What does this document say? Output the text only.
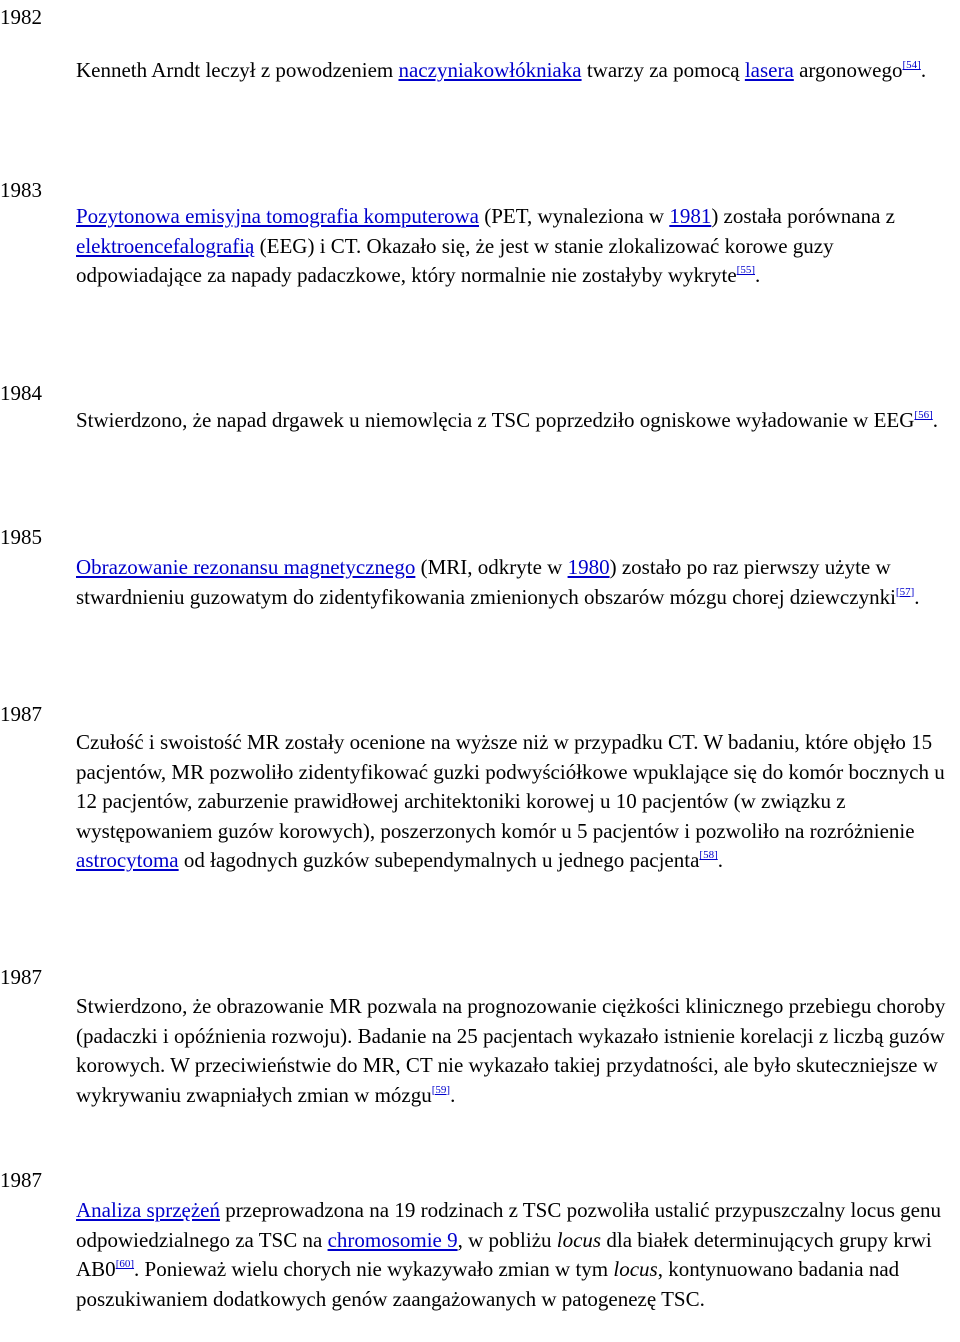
1982

Kenneth Arndt leczył z powodzeniem naczyniakowłókniaka twarzy za pomocą lasera argonowego[54].

1983

Pozytonowa emisyjna tomografia komputerowa (PET, wynaleziona w 1981) została porównana z elektroencefalografią (EEG) i CT. Okazało się, że jest w stanie zlokalizować korowe guzy odpowiadające za napady padaczkowe, który normalnie nie zostałyby wykryte[55].

1984

Stwierdzono, że napad drgawek u niemowlęcia z TSC poprzedziło ogniskowe wyładowanie w EEG[56].

1985

Obrazowanie rezonansu magnetycznego (MRI, odkryte w 1980) zostało po raz pierwszy użyte w stwardnieniu guzowatym do zidentyfikowania zmienionych obszarów mózgu chorej dziewczynki[57].

1987

Czułość i swoistość MR zostały ocenione na wyższe niż w przypadku CT. W badaniu, które objęło 15 pacjentów, MR pozwoliło zidentyfikować guzki podwyściółkowe wpuklające się do komór bocznych u 12 pacjentów, zaburzenie prawidłowej architektoniki korowej u 10 pacjentów (w związku z występowaniem guzów korowych), poszerzonych komór u 5 pacjentów i pozwoliło na rozróżnienie astrocytoma od łagodnych guzków subependymalnych u jednego pacjenta[58].

1987

Stwierdzono, że obrazowanie MR pozwala na prognozowanie ciężkości klinicznego przebiegu choroby (padaczki i opóźnienia rozwoju). Badanie na 25 pacjentach wykazało istnienie korelacji z liczbą guzów korowych. W przeciwieństwie do MR, CT nie wykazało takiej przydatności, ale było skuteczniejsze w wykrywaniu zwapniałych zmian w mózgu[59].

1987

Analiza sprzężeń przeprowadzona na 19 rodzinach z TSC pozwoliła ustalić przypuszczalny locus genu odpowiedzialnego za TSC na chromosomie 9, w pobliżu locus dla białek determinujących grupy krwi AB0[60]. Ponieważ wielu chorych nie wykazywało zmian w tym locus, kontynuowano badania nad poszukiwaniem dodatkowych genów zaangażowanych w patogenezę TSC.
